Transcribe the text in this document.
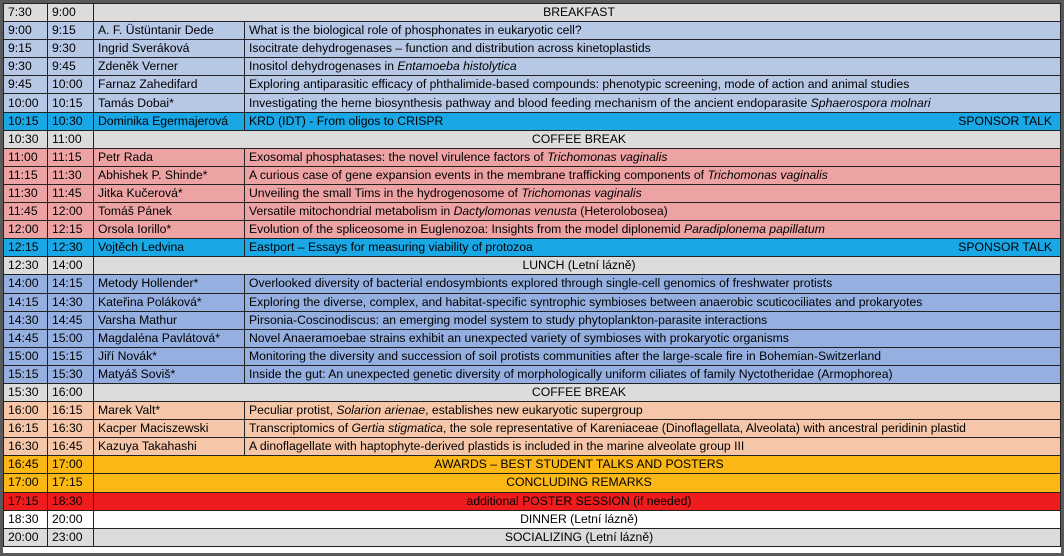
7:30	9:00	BREAKFAST	
9:00	9:15	A. F. Üstüntanir Dede	What is the biological role of phosphonates in eukaryotic cell?
9:15	9:30	Ingrid Sveráková	Isocitrate dehydrogenases – function and distribution across kinetoplastids
9:30	9:45	Zdeněk Verner	Inositol dehydrogenases in Entamoeba histolytica
9:45	10:00	Farnaz Zahedifard	Exploring antiparasitic efficacy of phthalimide-based compounds: phenotypic screening, mode of action and animal studies
10:00	10:15	Tamás Dobai*	Investigating the heme biosynthesis pathway and blood feeding mechanism of the ancient endoparasite Sphaerospora molnari
10:15	10:30	Dominika Egermajerová	KRD (IDT) - From oligos to CRISPR SPONSOR TALK

10:30	11:00	COFFEE BREAK	
11:00	11:15	Petr Rada	Exosomal phosphatases: the novel virulence factors of Trichomonas vaginalis
11:15	11:30	Abhishek P. Shinde*	A curious case of gene expansion events in the membrane trafficking components of Trichomonas vaginalis
11:30	11:45	Jitka Kučerová*	Unveiling the small Tims in the hydrogenosome of Trichomonas vaginalis
11:45	12:00	Tomáš Pánek	Versatile mitochondrial metabolism in Dactylomonas venusta (Heterolobosea)
12:00	12:15	Orsola Iorillo*	Evolution of the spliceosome in Euglenozoa: Insights from the model diplonemid Paradiplonema papillatum
12:15	12:30	Vojtěch Ledvina	Eastport – Essays for measuring viability of protozoa SPONSOR TALK

12:30	14:00	LUNCH (Letní lázně)	
14:00	14:15	Metody Hollender*	Overlooked diversity of bacterial endosymbionts explored through single-cell genomics of freshwater protists
14:15	14:30	Kateřina Poláková*	Exploring the diverse, complex, and habitat-specific syntrophic symbioses between anaerobic scuticociliates and prokaryotes
14:30	14:45	Varsha Mathur	Pirsonia-Coscinodiscus: an emerging model system to study phytoplankton-parasite interactions
14:45	15:00	Magdaléna Pavlátová*	Novel Anaeramoebae strains exhibit an unexpected variety of symbioses with prokaryotic organisms
15:00	15:15	Jiří Novák*	Monitoring the diversity and succession of soil protists communities after the large-scale fire in Bohemian-Switzerland
15:15	15:30	Matyáš Soviš*	Inside the gut: An unexpected genetic diversity of morphologically uniform ciliates of family Nyctotheridae (Armophorea)
15:30	16:00	COFFEE BREAK	
16:00	16:15	Marek Valt*	Peculiar protist, Solarion arienae, establishes new eukaryotic supergroup
16:15	16:30	Kacper Maciszewski	Transcriptomics of Gertia stigmatica, the sole representative of Kareniaceae (Dinoflagellata, Alveolata) with ancestral peridinin plastid
16:30	16:45	Kazuya Takahashi	A dinoflagellate with haptophyte-derived plastids is included in the marine alveolate group III
16:45	17:00	AWARDS – BEST STUDENT TALKS AND POSTERS	
17:00	17:15	CONCLUDING REMARKS	
17:15	18:30	additional POSTER SESSION (if needed)	
18:30	20:00	DINNER (Letní lázně)	
20:00	23:00	SOCIALIZING (Letní lázně)	
